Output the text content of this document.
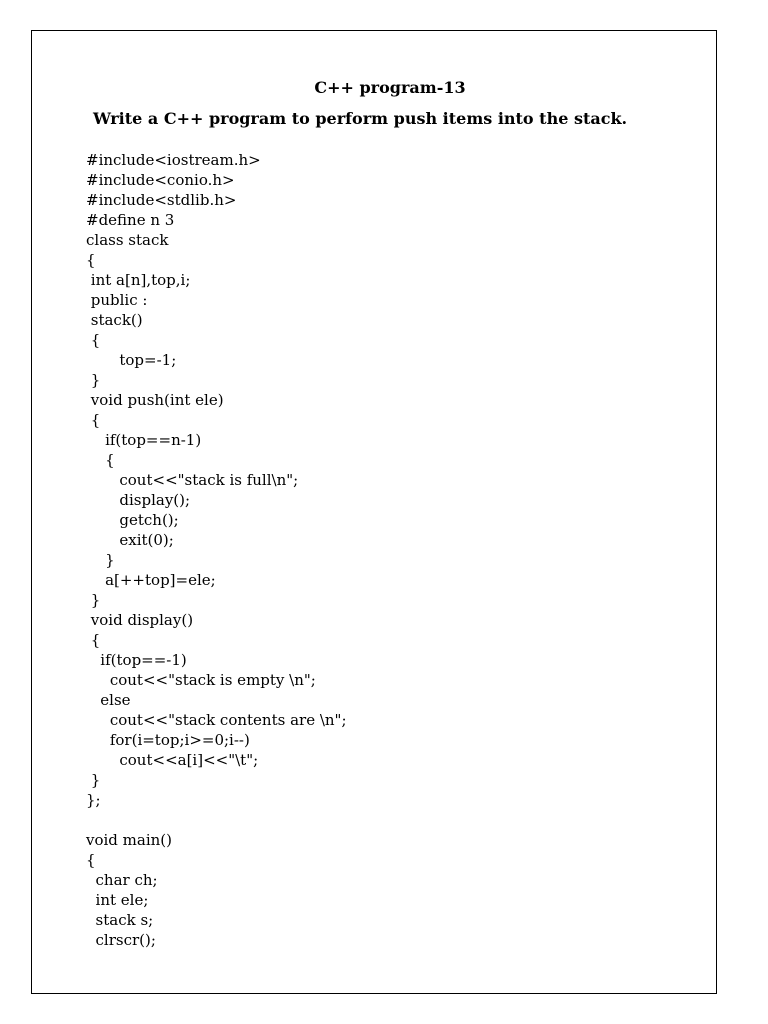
C++ program-13

Write a C++ program to perform push items into the stack.

#include<iostream.h>
#include<conio.h>
#include<stdlib.h>
#define n 3
class stack
{
int a[n],top,i;
public :
stack()
{
top=-1;
}
void push(int ele)
{
if(top==n-1)
{
cout<<"stack is full\n";
display();
getch();
exit(0);
}
a[++top]=ele;
}
void display()
{
if(top==-1)
cout<<"stack is empty \n";
else
cout<<"stack contents are \n";
for(i=top;i>=0;i--)
cout<<a[i]<<"\t";
}
};
void main()
{
char ch;
int ele;
stack s;
clrscr();
